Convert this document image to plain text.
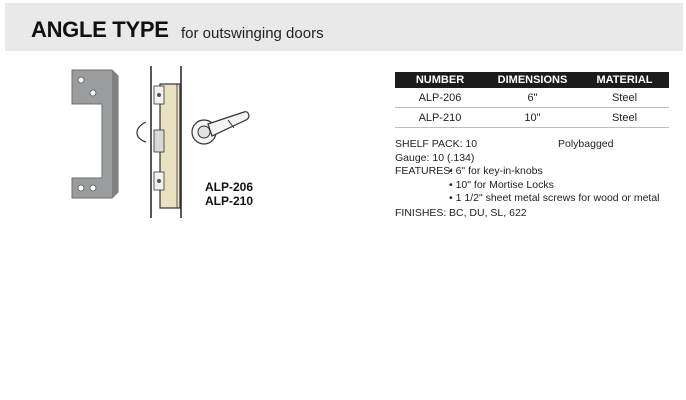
ANGLE TYPE for outswinging doors
ALP-206
ALP-210
NUMBER	DIMENSIONS	MATERIAL
ALP-206	6"	Steel
ALP-210	10"	Steel
SHELF PACK: 10	Polybagged
Gauge: 10 (.134)
FEATURES:
• 6" for key-in-knobs
• 10" for Mortise Locks
• 1 1/2" sheet metal screws for wood or metal
FINISHES: BC, DU, SL, 622
